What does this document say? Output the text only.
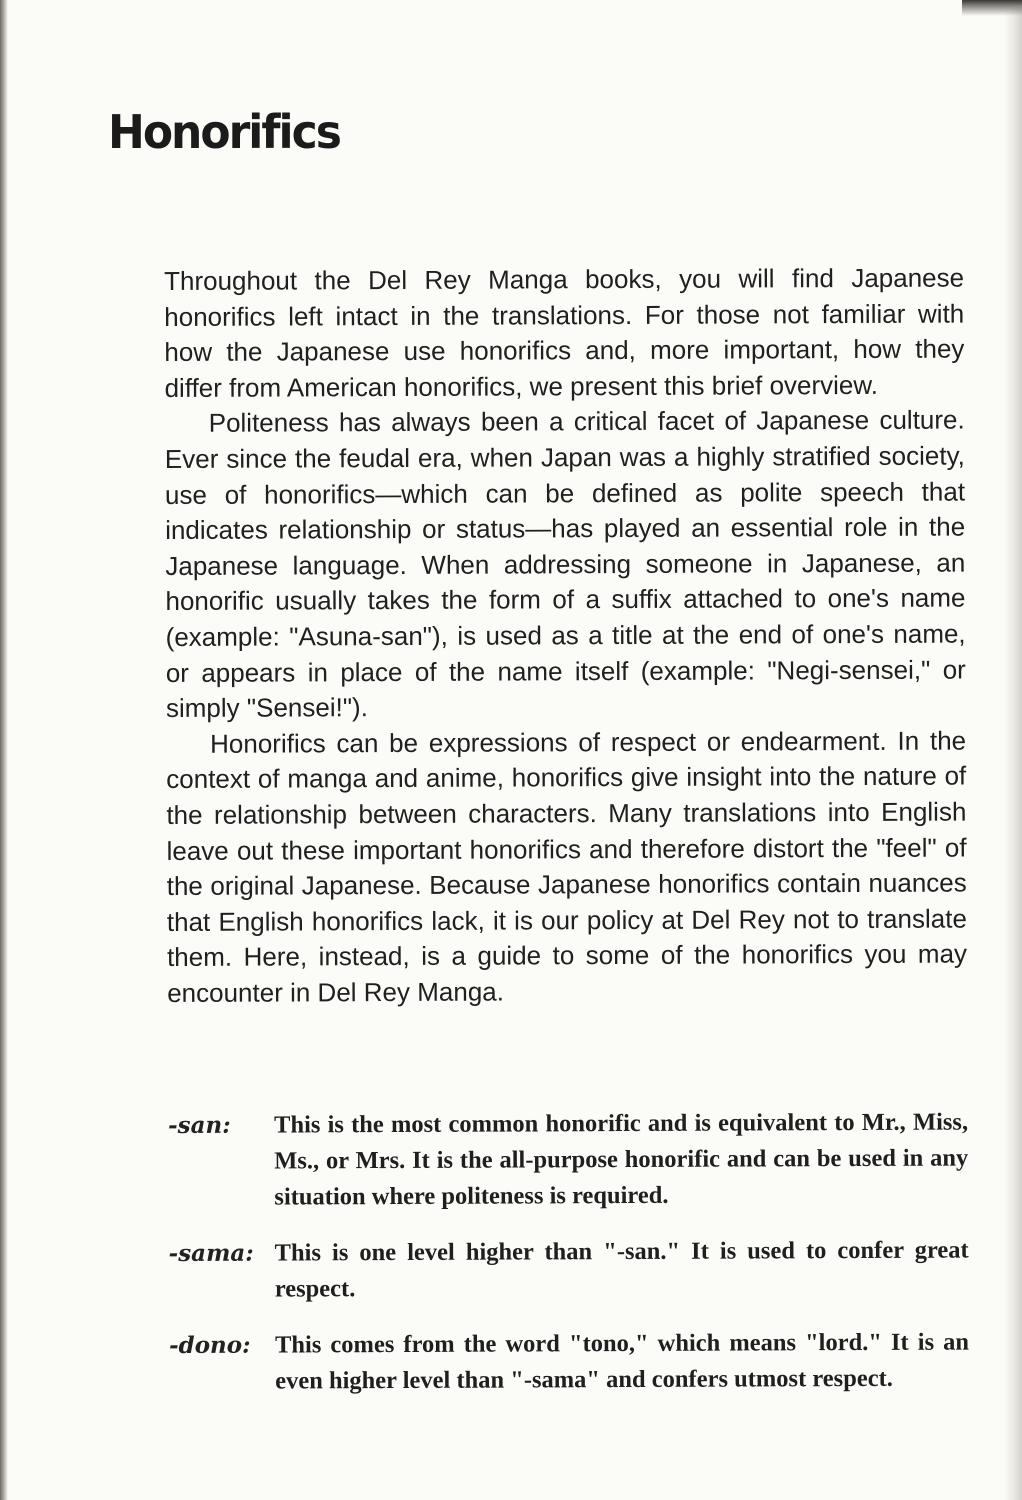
Honorifics

Throughout the Del Rey Manga books, you will find Japanese honorifics left intact in the translations. For those not familiar with how the Japanese use honorifics and, more important, how they differ from American honorifics, we present this brief overview.

Politeness has always been a critical facet of Japanese culture. Ever since the feudal era, when Japan was a highly stratified society, use of honorifics—which can be defined as polite speech that indicates relationship or status—has played an essential role in the Japanese language. When addressing someone in Japanese, an honorific usually takes the form of a suffix attached to one's name (example: "Asuna-san"), is used as a title at the end of one's name, or appears in place of the name itself (example: "Negi-sensei," or simply "Sensei!").

Honorifics can be expressions of respect or endearment. In the context of manga and anime, honorifics give insight into the nature of the relationship between characters. Many translations into English leave out these important honorifics and therefore distort the "feel" of the original Japanese. Because Japanese honorifics contain nuances that English honorifics lack, it is our policy at Del Rey not to translate them. Here, instead, is a guide to some of the honorifics you may encounter in Del Rey Manga.

-san:	This is the most common honorific and is equivalent to Mr., Miss, Ms., or Mrs. It is the all-purpose honorific and can be used in any situation where politeness is required.
-sama: This is one level higher than "-san." It is used to confer great respect.
-dono: This comes from the word "tono," which means "lord." It is an even higher level than "-sama" and confers utmost respect.
